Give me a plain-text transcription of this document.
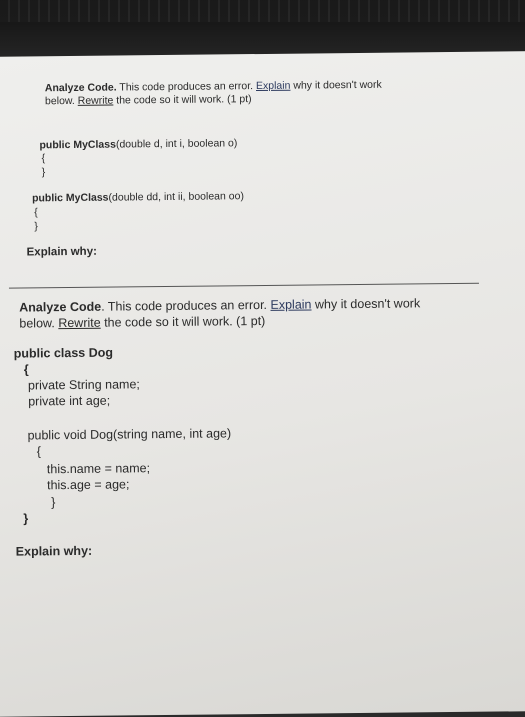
Analyze Code. This code produces an error. Explain why it doesn't work
below. Rewrite the code so it will work. (1 pt)
public MyClass(double d, int i, boolean o)
{
}
public MyClass(double dd, int ii, boolean oo)
{
}
Explain why:
Analyze Code. This code produces an error. Explain why it doesn't work
below. Rewrite the code so it will work. (1 pt)
public class Dog
{
private String name;
private int age;
public void Dog(string name, int age)
{
this.name = name;
this.age = age;
}
}
Explain why:
